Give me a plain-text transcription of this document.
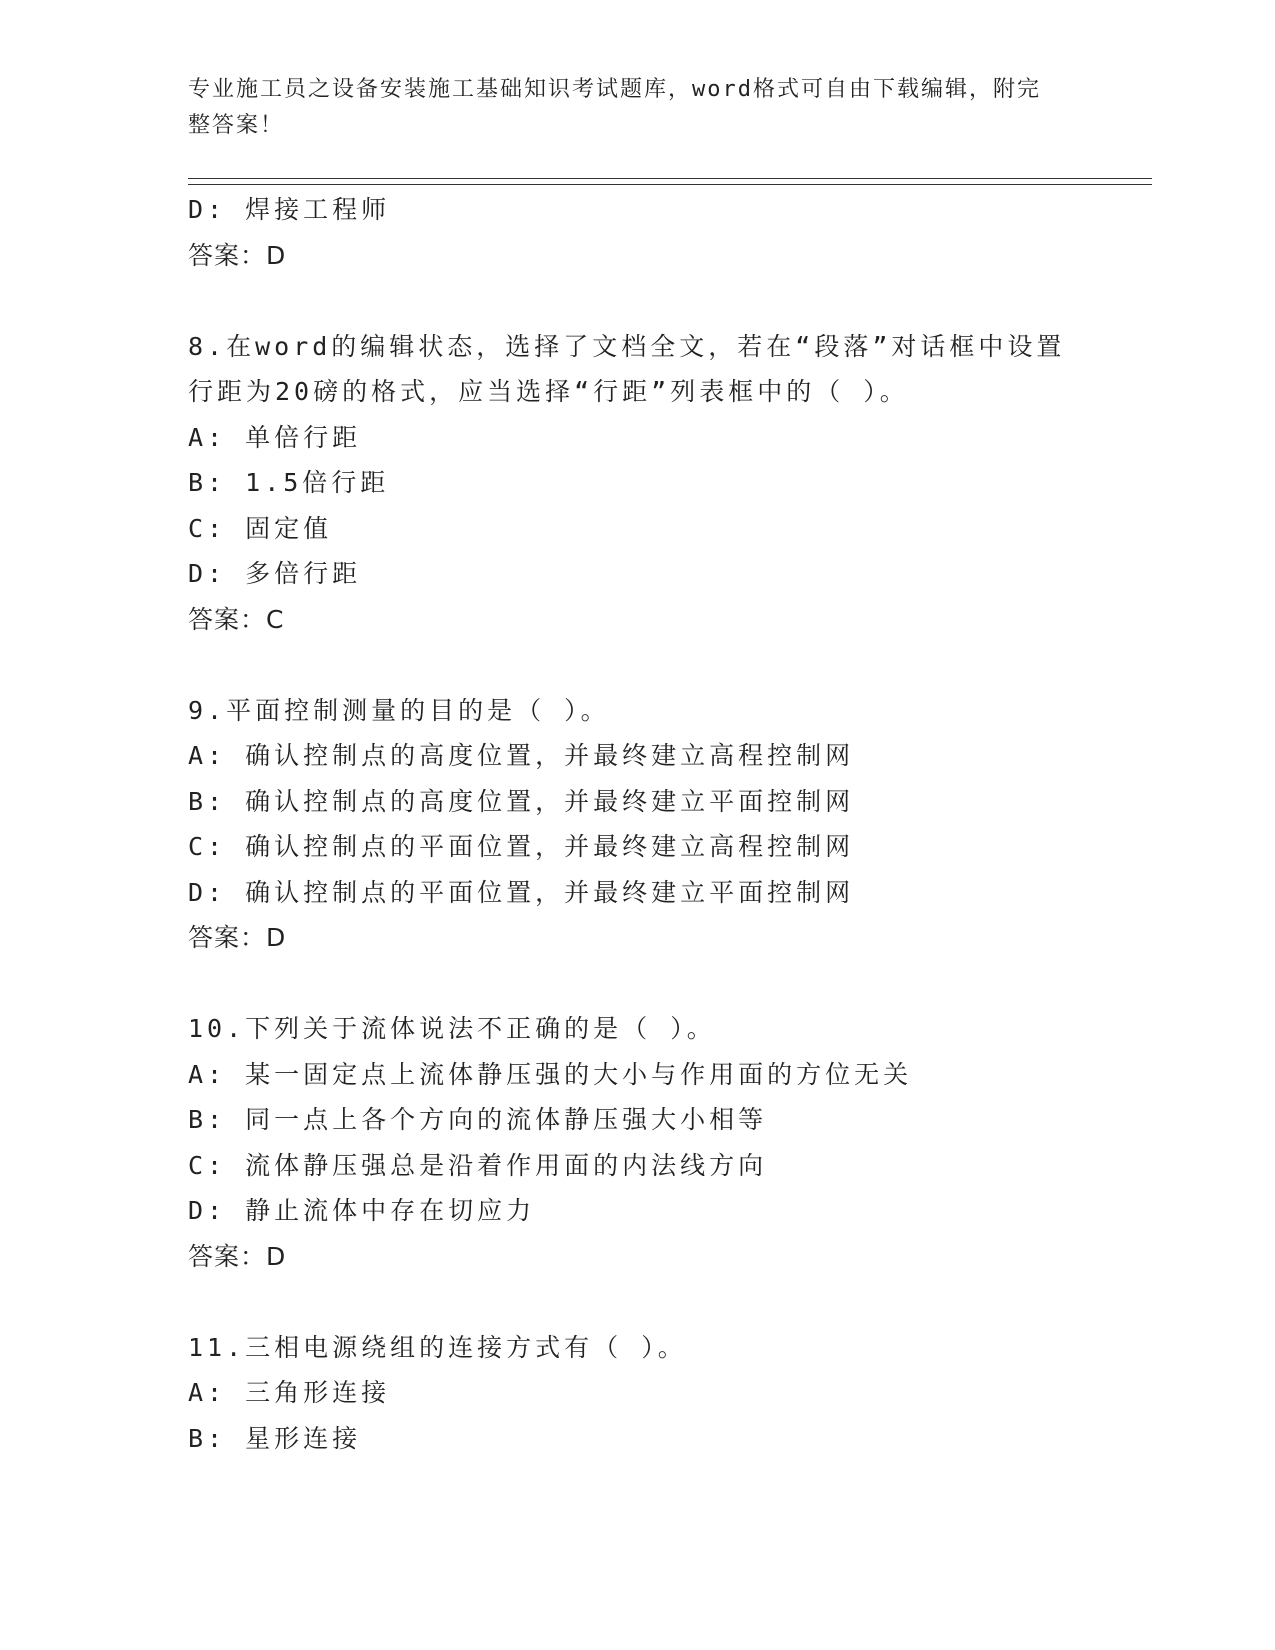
专业施工员之设备安装施工基础知识考试题库，word格式可自由下载编辑，附完
整答案！
D: 焊接工程师
答案：D
8.在word的编辑状态，选择了文档全文，若在“段落”对话框中设置
行距为20磅的格式，应当选择“行距”列表框中的（ ）。
A: 单倍行距
B: 1.5倍行距
C: 固定值
D: 多倍行距
答案：C
9.平面控制测量的目的是（ ）。
A: 确认控制点的高度位置，并最终建立高程控制网
B: 确认控制点的高度位置，并最终建立平面控制网
C: 确认控制点的平面位置，并最终建立高程控制网
D: 确认控制点的平面位置，并最终建立平面控制网
答案：D
10.下列关于流体说法不正确的是（ ）。
A: 某一固定点上流体静压强的大小与作用面的方位无关
B: 同一点上各个方向的流体静压强大小相等
C: 流体静压强总是沿着作用面的内法线方向
D: 静止流体中存在切应力
答案：D
11.三相电源绕组的连接方式有（ ）。
A: 三角形连接
B: 星形连接
